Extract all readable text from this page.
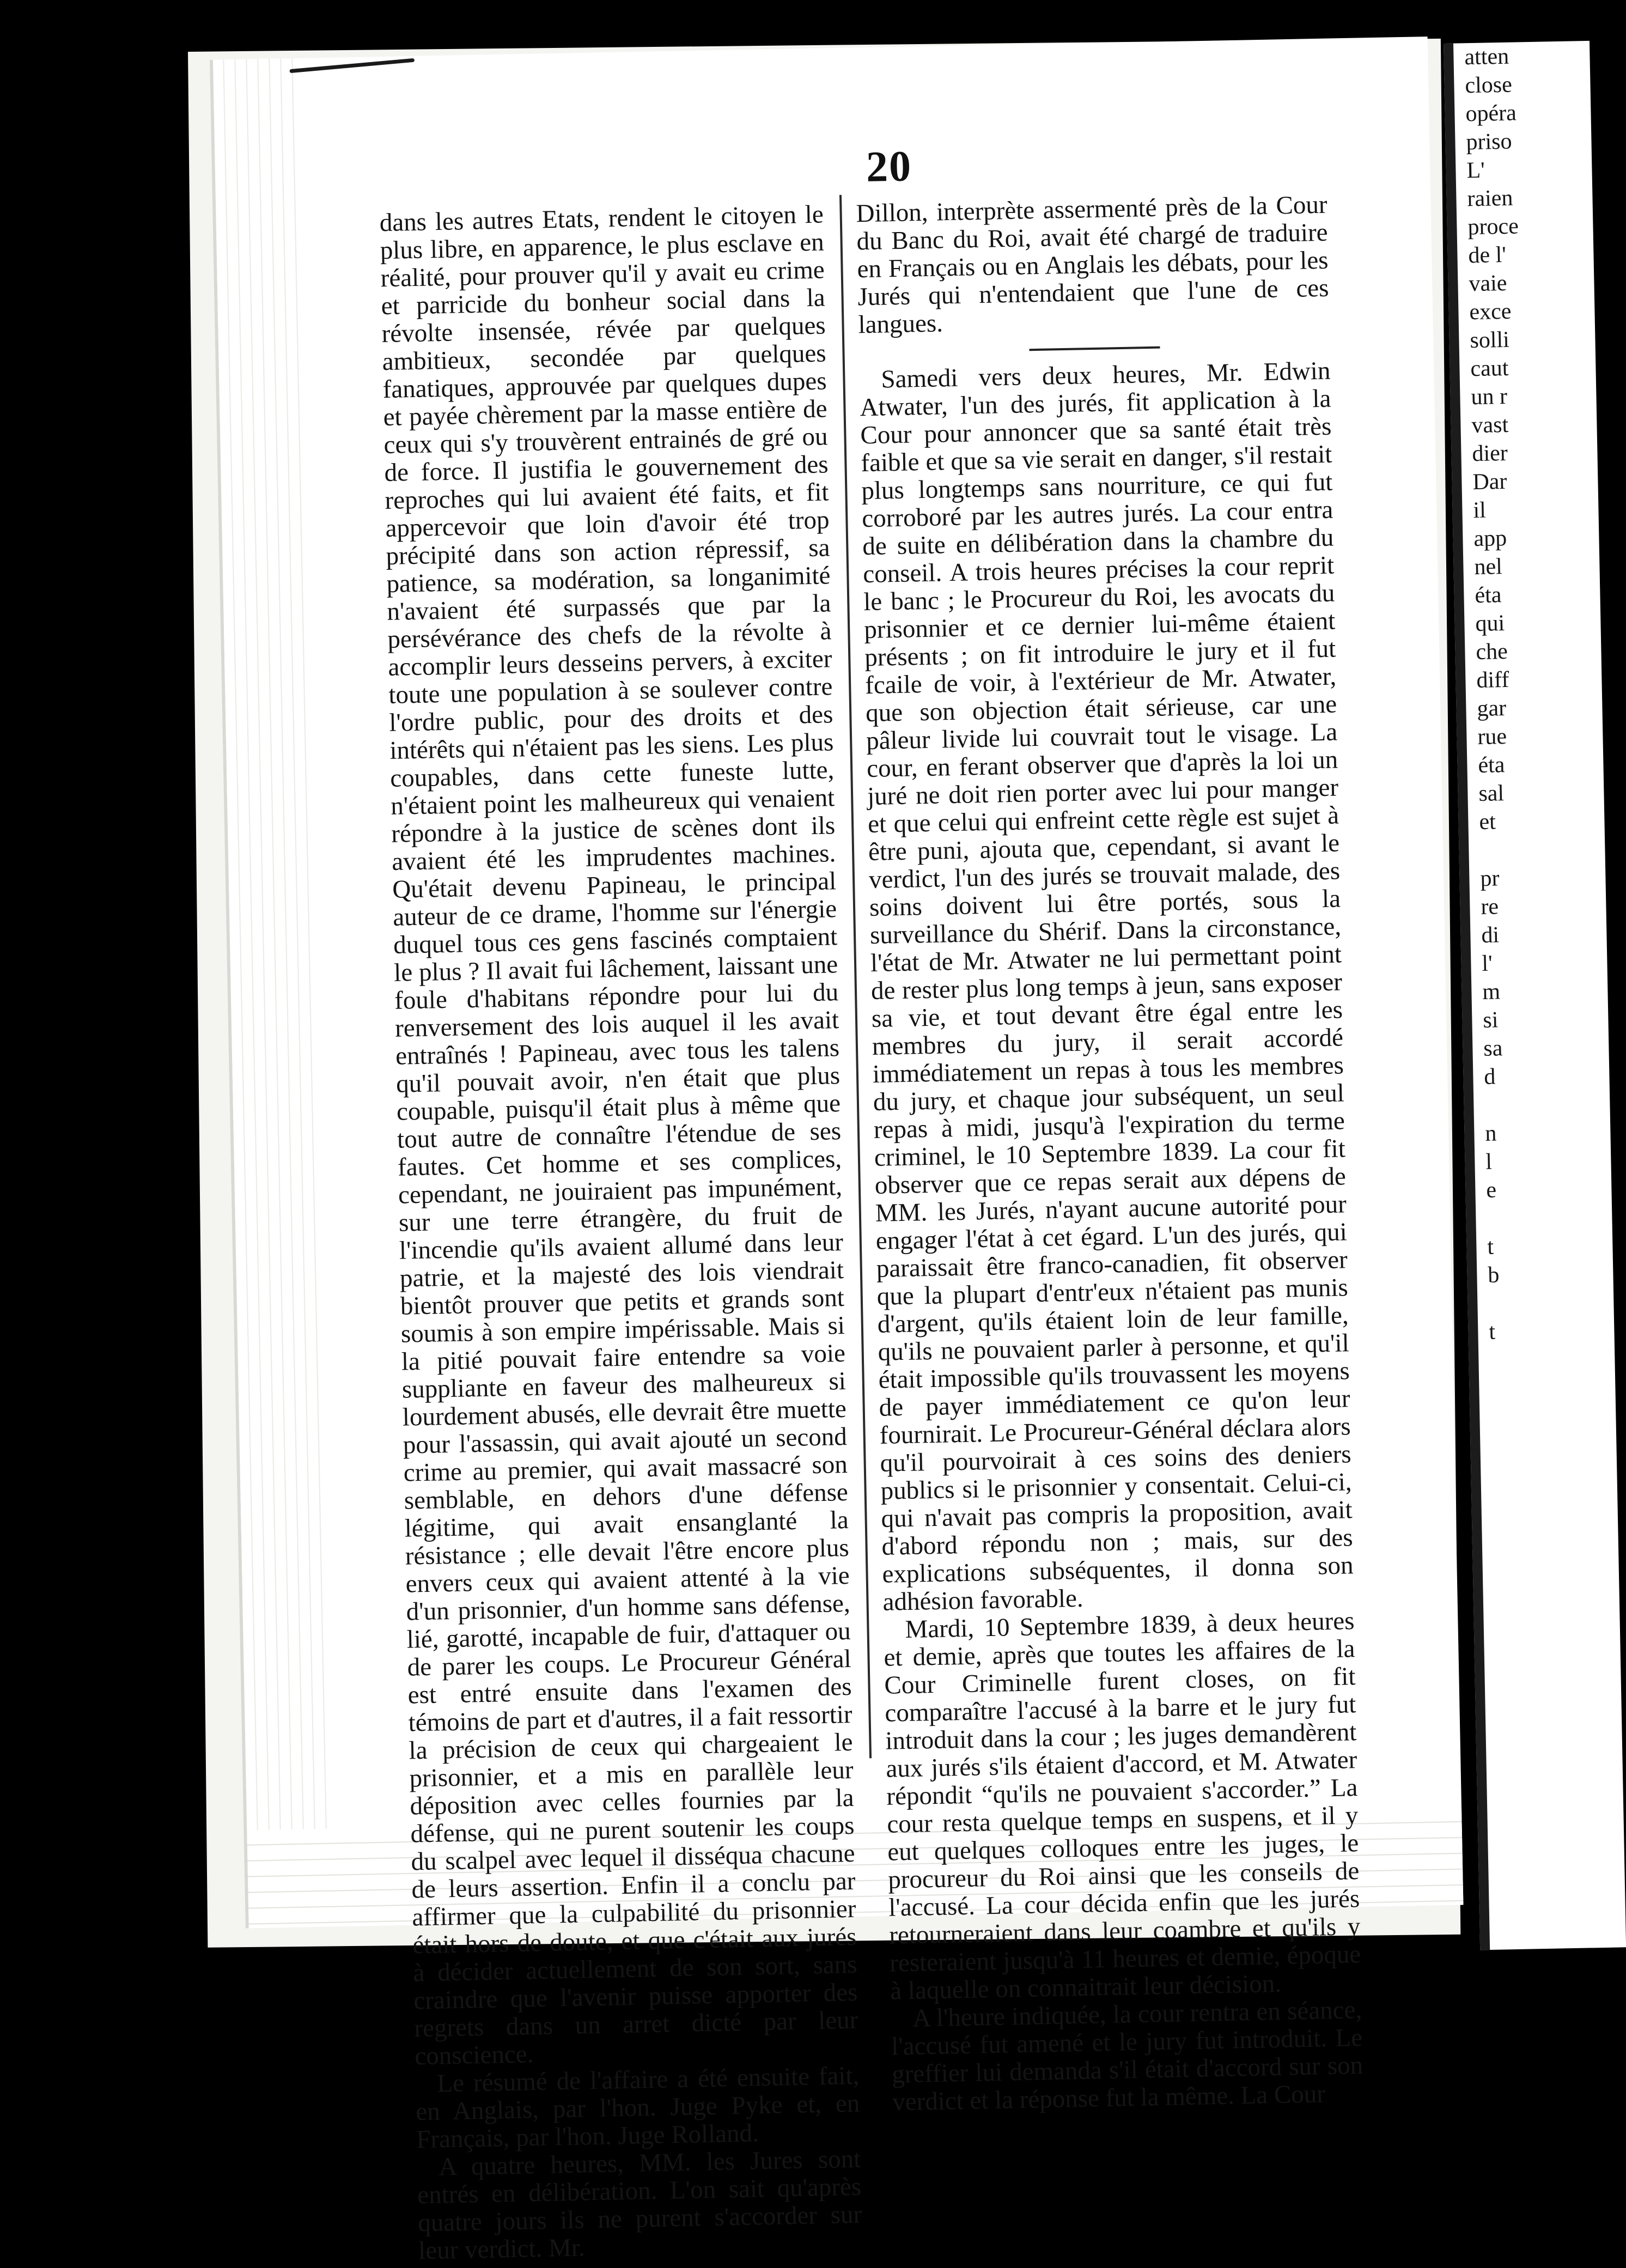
20

dans les autres Etats, rendent le citoyen le plus libre, en apparence, le plus esclave en réalité, pour prouver qu'il y avait eu crime et parricide du bonheur social dans la révolte insensée, révée par quelques ambitieux, secondée par quelques fanatiques, approuvée par quelques dupes et payée chèrement par la masse entière de ceux qui s'y trouvèrent entrainés de gré ou de force. Il justifia le gouvernement des reproches qui lui avaient été faits, et fit appercevoir que loin d'avoir été trop précipité dans son action répressif, sa patience, sa modération, sa longanimité n'avaient été surpassés que par la persévérance des chefs de la révolte à accomplir leurs desseins pervers, à exciter toute une population à se soulever contre l'ordre public, pour des droits et des intérêts qui n'étaient pas les siens. Les plus coupables, dans cette funeste lutte, n'étaient point les malheureux qui venaient répondre à la justice de scènes dont ils avaient été les imprudentes machines. Qu'était devenu Papineau, le principal auteur de ce drame, l'homme sur l'énergie duquel tous ces gens fascinés comptaient le plus ? Il avait fui lâchement, laissant une foule d'habitans répondre pour lui du renversement des lois auquel il les avait entraînés ! Papineau, avec tous les talens qu'il pouvait avoir, n'en était que plus coupable, puisqu'il était plus à même que tout autre de connaître l'étendue de ses fautes. Cet homme et ses complices, cependant, ne jouiraient pas impunément, sur une terre étrangère, du fruit de l'incendie qu'ils avaient allumé dans leur patrie, et la majesté des lois viendrait bientôt prouver que petits et grands sont soumis à son empire impérissable. Mais si la pitié pouvait faire entendre sa voie suppliante en faveur des malheureux si lourdement abusés, elle devrait être muette pour l'assassin, qui avait ajouté un second crime au premier, qui avait massacré son semblable, en dehors d'une défense légitime, qui avait ensanglanté la résistance ; elle devait l'être encore plus envers ceux qui avaient attenté à la vie d'un prisonnier, d'un homme sans défense, lié, garotté, incapable de fuir, d'attaquer ou de parer les coups. Le Procureur Général est entré ensuite dans l'examen des témoins de part et d'autres, il a fait ressortir la précision de ceux qui chargeaient le prisonnier, et a mis en parallèle leur déposition avec celles fournies par la défense, qui ne purent soutenir les coups du scalpel avec lequel il disséqua chacune de leurs assertion. Enfin il a conclu par affirmer que la culpabilité du prisonnier était hors de doute, et que c'était aux jurés à décider actuellement de son sort, sans craindre que l'avenir puisse apporter des regrets dans un arret dicté par leur conscience.

Le résumé de l'affaire a été ensuite fait, en Anglais, par l'hon. Juge Pyke et, en Français, par l'hon. Juge Rolland.

A quatre heures, MM. les Jures sont entrés en délibération. L'on sait qu'après quatre jours ils ne purent s'accorder sur leur verdict. Mr.

Dillon, interprète assermenté près de la Cour du Banc du Roi, avait été chargé de traduire en Français ou en Anglais les débats, pour les Jurés qui n'entendaient que l'une de ces langues.

Samedi vers deux heures, Mr. Edwin Atwater, l'un des jurés, fit application à la Cour pour annoncer que sa santé était très faible et que sa vie serait en danger, s'il restait plus longtemps sans nourriture, ce qui fut corroboré par les autres jurés. La cour entra de suite en délibération dans la chambre du conseil. A trois heures précises la cour reprit le banc ; le Procureur du Roi, les avocats du prisonnier et ce dernier lui-même étaient présents ; on fit introduire le jury et il fut fcaile de voir, à l'extérieur de Mr. Atwater, que son objection était sérieuse, car une pâleur livide lui couvrait tout le visage. La cour, en ferant observer que d'après la loi un juré ne doit rien porter avec lui pour manger et que celui qui enfreint cette règle est sujet à être puni, ajouta que, cependant, si avant le verdict, l'un des jurés se trouvait malade, des soins doivent lui être portés, sous la surveillance du Shérif. Dans la circonstance, l'état de Mr. Atwater ne lui permettant point de rester plus long temps à jeun, sans exposer sa vie, et tout devant être égal entre les membres du jury, il serait accordé immédiatement un repas à tous les membres du jury, et chaque jour subséquent, un seul repas à midi, jusqu'à l'expiration du terme criminel, le 10 Septembre 1839. La cour fit observer que ce repas serait aux dépens de MM. les Jurés, n'ayant aucune autorité pour engager l'état à cet égard. L'un des jurés, qui paraissait être franco-canadien, fit observer que la plupart d'entr'eux n'étaient pas munis d'argent, qu'ils étaient loin de leur famille, qu'ils ne pouvaient parler à personne, et qu'il était impossible qu'ils trouvassent les moyens de payer immédiatement ce qu'on leur fournirait. Le Procureur-Général déclara alors qu'il pourvoirait à ces soins des deniers publics si le prisonnier y consentait. Celui-ci, qui n'avait pas compris la proposition, avait d'abord répondu non ; mais, sur des explications subséquentes, il donna son adhésion favorable.

Mardi, 10 Septembre 1839, à deux heures et demie, après que toutes les affaires de la Cour Criminelle furent closes, on fit comparaître l'accusé à la barre et le jury fut introduit dans la cour ; les juges demandèrent aux jurés s'ils étaient d'accord, et M. Atwater répondit “qu'ils ne pouvaient s'accorder.” La cour resta quelque temps en suspens, et il y eut quelques colloques entre les juges, le procureur du Roi ainsi que les conseils de l'accusé. La cour décida enfin que les jurés retourneraient dans leur coambre et qu'ils y resteraient jusqu'à 11 heures et demie, époque à laquelle on connaitrait leur décision.

A l'heure indiquée, la cour rentra en séance, l'accusé fut amené et le jury fut introduit. Le greffier lui demanda s'il était d'accord sur son verdict et la réponse fut la même. La Cour

atten
close
opéra
priso
L'
raien
proce
de l'
vaie
exce
solli
caut
un r
vast
dier
Dar
il
app
nel
éta
qui
che
diff
gar
rue
éta
sal
et

pr
re
di
l'
m
si
sa
d

n
l
e

t
b

t
